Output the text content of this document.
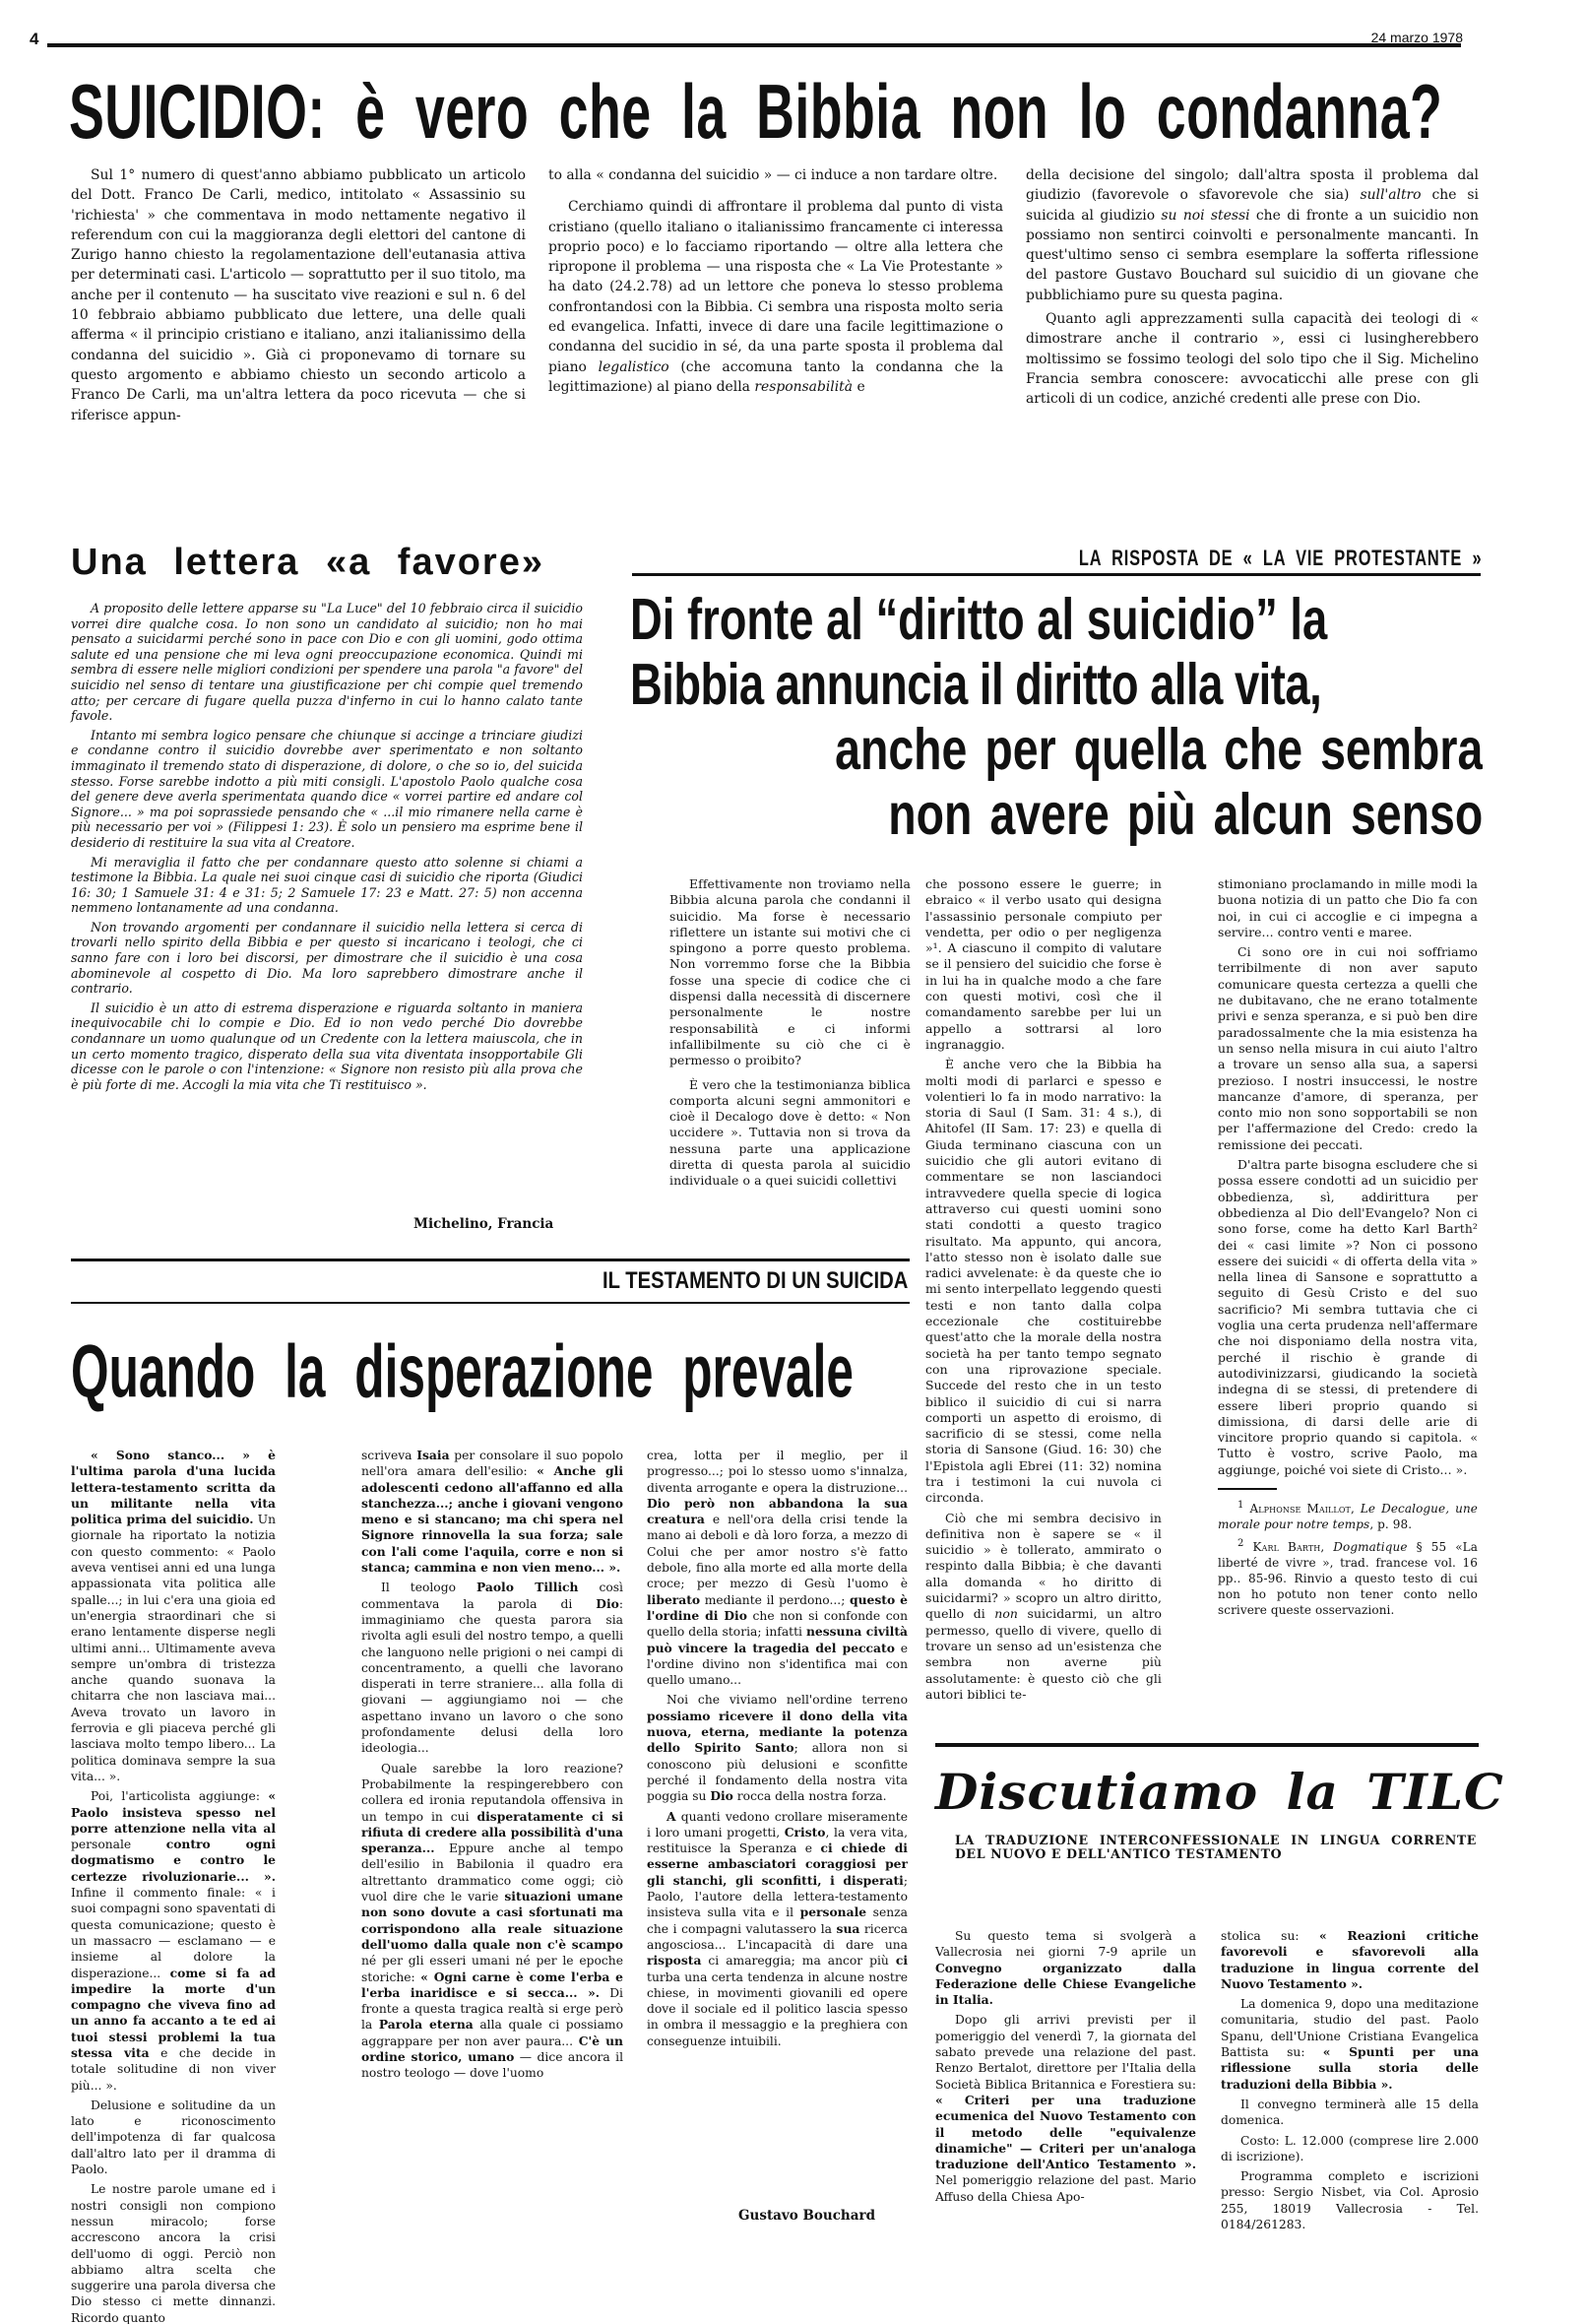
4	24 marzo 1978
SUICIDIO: è vero che la Bibbia non lo condanna?

Sul 1° numero di quest'anno abbiamo pubblicato un articolo del Dott. Franco De Carli, medico, intitolato « Assassinio su 'richiesta' » che commentava in modo nettamente negativo il referendum con cui la maggioranza degli elettori del cantone di Zurigo hanno chiesto la regolamentazione dell'eutanasia attiva per determinati casi. L'articolo — soprattutto per il suo titolo, ma anche per il contenuto — ha suscitato vive reazioni e sul n. 6 del 10 febbraio abbiamo pubblicato due lettere, una delle quali afferma « il principio cristiano e italiano, anzi italianissimo della condanna del suicidio ». Già ci proponevamo di tornare su questo argomento e abbiamo chiesto un secondo articolo a Franco De Carli, ma un'altra lettera da poco ricevuta — che si riferisce appun-

to alla « condanna del suicidio » — ci induce a non tardare oltre.

Cerchiamo quindi di affrontare il problema dal punto di vista cristiano (quello italiano o italianissimo francamente ci interessa proprio poco) e lo facciamo riportando — oltre alla lettera che ripropone il problema — una risposta che « La Vie Protestante » ha dato (24.2.78) ad un lettore che poneva lo stesso problema confrontandosi con la Bibbia. Ci sembra una risposta molto seria ed evangelica. Infatti, invece di dare una facile legittimazione o condanna del sucidio in sé, da una parte sposta il problema dal piano legalistico (che accomuna tanto la condanna che la legittimazione) al piano della responsabilità e

della decisione del singolo; dall'altra sposta il problema dal giudizio (favorevole o sfavorevole che sia) sull'altro che si suicida al giudizio su noi stessi che di fronte a un suicidio non possiamo non sentirci coinvolti e personalmente mancanti. In quest'ultimo senso ci sembra esemplare la sofferta riflessione del pastore Gustavo Bouchard sul suicidio di un giovane che pubblichiamo pure su questa pagina.

Quanto agli apprezzamenti sulla capacità dei teologi di « dimostrare anche il contrario », essi ci lusingherebbero moltissimo se fossimo teologi del solo tipo che il Sig. Michelino Francia sembra conoscere: avvocaticchi alle prese con gli articoli di un codice, anziché credenti alle prese con Dio.

Una lettera «a favore»

A proposito delle lettere apparse su "La Luce" del 10 febbraio circa il suicidio vorrei dire qualche cosa. Io non sono un candidato al suicidio; non ho mai pensato a suicidarmi perché sono in pace con Dio e con gli uomini, godo ottima salute ed una pensione che mi leva ogni preoccupazione economica. Quindi mi sembra di essere nelle migliori condizioni per spendere una parola "a favore" del suicidio nel senso di tentare una giustificazione per chi compie quel tremendo atto; per cercare di fugare quella puzza d'inferno in cui lo hanno calato tante favole.

Intanto mi sembra logico pensare che chiunque si accinge a trinciare giudizi e condanne contro il suicidio dovrebbe aver sperimentato e non soltanto immaginato il tremendo stato di disperazione, di dolore, o che so io, del suicida stesso. Forse sarebbe indotto a più miti consigli. L'apostolo Paolo qualche cosa del genere deve averla sperimentata quando dice « vorrei partire ed andare col Signore... » ma poi soprassiede pensando che « ...il mio rimanere nella carne è più necessario per voi » (Filippesi 1: 23). È solo un pensiero ma esprime bene il desiderio di restituire la sua vita al Creatore.

Mi meraviglia il fatto che per condannare questo atto solenne si chiami a testimone la Bibbia. La quale nei suoi cinque casi di suicidio che riporta (Giudici 16: 30; 1 Samuele 31: 4 e 31: 5; 2 Samuele 17: 23 e Matt. 27: 5) non accenna nemmeno lontanamente ad una condanna.

Non trovando argomenti per condannare il suicidio nella lettera si cerca di trovarli nello spirito della Bibbia e per questo si incaricano i teologi, che ci sanno fare con i loro bei discorsi, per dimostrare che il suicidio è una cosa abominevole al cospetto di Dio. Ma loro saprebbero dimostrare anche il contrario.

Il suicidio è un atto di estrema disperazione e riguarda soltanto in maniera inequivocabile chi lo compie e Dio. Ed io non vedo perché Dio dovrebbe condannare un uomo qualunque od un Credente con la lettera maiuscola, che in un certo momento tragico, disperato della sua vita diventata insopportabile Gli dicesse con le parole o con l'intenzione: « Signore non resisto più alla prova che è più forte di me. Accogli la mia vita che Ti restituisco ».

Michelino, Francia
LA RISPOSTA DE « LA VIE PROTESTANTE »
Di fronte al “diritto al suicidio” la
Bibbia annuncia il diritto alla vita,
anche per quella che sembra
non avere più alcun senso

Effettivamente non troviamo nella Bibbia alcuna parola che condanni il suicidio. Ma forse è necessario riflettere un istante sui motivi che ci spingono a porre questo problema. Non vorremmo forse che la Bibbia fosse una specie di codice che ci dispensi dalla necessità di discernere personalmente le nostre responsabilità e ci informi infallibilmente su ciò che ci è permesso o proibito?

È vero che la testimonianza biblica comporta alcuni segni ammonitori e cioè il Decalogo dove è detto: « Non uccidere ». Tuttavia non si trova da nessuna parte una applicazione diretta di questa parola al suicidio individuale o a quei suicidi collettivi

che possono essere le guerre; in ebraico « il verbo usato qui designa l'assassinio personale compiuto per vendetta, per odio o per negligenza »¹. A ciascuno il compito di valutare se il pensiero del suicidio che forse è in lui ha in qualche modo a che fare con questi motivi, così che il comandamento sarebbe per lui un appello a sottrarsi al loro ingranaggio.

È anche vero che la Bibbia ha molti modi di parlarci e spesso e volentieri lo fa in modo narrativo: la storia di Saul (I Sam. 31: 4 s.), di Ahitofel (II Sam. 17: 23) e quella di Giuda terminano ciascuna con un suicidio che gli autori evitano di commentare se non lasciandoci intravvedere quella specie di logica attraverso cui questi uomini sono stati condotti a questo tragico risultato. Ma appunto, qui ancora, l'atto stesso non è isolato dalle sue radici avvelenate: è da queste che io mi sento interpellato leggendo questi testi e non tanto dalla colpa eccezionale che costituirebbe quest'atto che la morale della nostra società ha per tanto tempo segnato con una riprovazione speciale. Succede del resto che in un testo biblico il suicidio di cui si narra comporti un aspetto di eroismo, di sacrificio di se stessi, come nella storia di Sansone (Giud. 16: 30) che l'Epistola agli Ebrei (11: 32) nomina tra i testimoni la cui nuvola ci circonda.

Ciò che mi sembra decisivo in definitiva non è sapere se « il suicidio » è tollerato, ammirato o respinto dalla Bibbia; è che davanti alla domanda « ho diritto di suicidarmi? » scopro un altro diritto, quello di non suicidarmi, un altro permesso, quello di vivere, quello di trovare un senso ad un'esistenza che sembra non averne più assolutamente: è questo ciò che gli autori biblici te-

stimoniano proclamando in mille modi la buona notizia di un patto che Dio fa con noi, in cui ci accoglie e ci impegna a servire... contro venti e maree.

Ci sono ore in cui noi soffriamo terribilmente di non aver saputo comunicare questa certezza a quelli che ne dubitavano, che ne erano totalmente privi e senza speranza, e si può ben dire paradossalmente che la mia esistenza ha un senso nella misura in cui aiuto l'altro a trovare un senso alla sua, a sapersi prezioso. I nostri insuccessi, le nostre mancanze d'amore, di speranza, per conto mio non sono sopportabili se non per l'affermazione del Credo: credo la remissione dei peccati.

D'altra parte bisogna escludere che si possa essere condotti ad un suicidio per obbedienza, sì, addirittura per obbedienza al Dio dell'Evangelo? Non ci sono forse, come ha detto Karl Barth² dei « casi limite »? Non ci possono essere dei suicidi « di offerta della vita » nella linea di Sansone e soprattutto a seguito di Gesù Cristo e del suo sacrificio? Mi sembra tuttavia che ci voglia una certa prudenza nell'affermare che noi disponiamo della nostra vita, perché il rischio è grande di autodivinizzarsi, giudicando la società indegna di se stessi, di pretendere di essere liberi proprio quando si dimissiona, di darsi delle arie di vincitore proprio quando si capitola. « Tutto è vostro, scrive Paolo, ma aggiunge, poiché voi siete di Cristo... ».

$^1$ Alphonse Maillot, Le Decalogue, une morale pour notre temps, p. 98.

$^2$ Karl Barth, Dogmatique § 55 «La liberté de vivre », trad. francese vol. 16 pp.. 85-96. Rinvio a questo testo di cui non ho potuto non tener conto nello scrivere queste osservazioni.

IL TESTAMENTO DI UN SUICIDA
Quando la disperazione prevale

« Sono stanco... » è l'ultima parola d'una lucida lettera-testamento scritta da un militante nella vita politica prima del suicidio. Un giornale ha riportato la notizia con questo commento: « Paolo aveva ventisei anni ed una lunga appassionata vita politica alle spalle...; in lui c'era una gioia ed un'energia straordinari che si erano lentamente disperse negli ultimi anni... Ultimamente aveva sempre un'ombra di tristezza anche quando suonava la chitarra che non lasciava mai... Aveva trovato un lavoro in ferrovia e gli piaceva perché gli lasciava molto tempo libero... La politica dominava sempre la sua vita... ».

Poi, l'articolista aggiunge: « Paolo insisteva spesso nel porre attenzione nella vita al personale contro ogni dogmatismo e contro le certezze rivoluzionarie... ». Infine il commento finale: « i suoi compagni sono spaventati di questa comunicazione; questo è un massacro — esclamano — e insieme al dolore la disperazione... come si fa ad impedire la morte d'un compagno che viveva fino ad un anno fa accanto a te ed ai tuoi stessi problemi la tua stessa vita e che decide in totale solitudine di non viver più... ».

Delusione e solitudine da un lato e riconoscimento dell'impotenza di far qualcosa dall'altro lato per il dramma di Paolo.

Le nostre parole umane ed i nostri consigli non compiono nessun miracolo; forse accrescono ancora la crisi dell'uomo di oggi. Perciò non abbiamo altra scelta che suggerire una parola diversa che Dio stesso ci mette dinnanzi. Ricordo quanto

scriveva Isaia per consolare il suo popolo nell'ora amara dell'esilio: « Anche gli adolescenti cedono all'affanno ed alla stanchezza...; anche i giovani vengono meno e si stancano; ma chi spera nel Signore rinnovella la sua forza; sale con l'ali come l'aquila, corre e non si stanca; cammina e non vien meno... ».

Il teologo Paolo Tillich così commentava la parola di Dio: immaginiamo che questa parora sia rivolta agli esuli del nostro tempo, a quelli che languono nelle prigioni o nei campi di concentramento, a quelli che lavorano disperati in terre straniere... alla folla di giovani — aggiungiamo noi — che aspettano invano un lavoro o che sono profondamente delusi della loro ideologia...

Quale sarebbe la loro reazione? Probabilmente la respingerebbero con collera ed ironia reputandola offensiva in un tempo in cui disperatamente ci si rifiuta di credere alla possibilità d'una speranza... Eppure anche al tempo dell'esilio in Babilonia il quadro era altrettanto drammatico come oggi; ciò vuol dire che le varie situazioni umane non sono dovute a casi sfortunati ma corrispondono alla reale situazione dell'uomo dalla quale non c'è scampo né per gli esseri umani né per le epoche storiche: « Ogni carne è come l'erba e l'erba inaridisce e si secca... ». Di fronte a questa tragica realtà si erge però la Parola eterna alla quale ci possiamo aggrappare per non aver paura... C'è un ordine storico, umano — dice ancora il nostro teologo — dove l'uomo

crea, lotta per il meglio, per il progresso...; poi lo stesso uomo s'innalza, diventa arrogante e opera la distruzione... Dio però non abbandona la sua creatura e nell'ora della crisi tende la mano ai deboli e dà loro forza, a mezzo di Colui che per amor nostro s'è fatto debole, fino alla morte ed alla morte della croce; per mezzo di Gesù l'uomo è liberato mediante il perdono...; questo è l'ordine di Dio che non si confonde con quello della storia; infatti nessuna civiltà può vincere la tragedia del peccato e l'ordine divino non s'identifica mai con quello umano...

Noi che viviamo nell'ordine terreno possiamo ricevere il dono della vita nuova, eterna, mediante la potenza dello Spirito Santo; allora non si conoscono più delusioni e sconfitte perché il fondamento della nostra vita poggia su Dio rocca della nostra forza.

A quanti vedono crollare miseramente i loro umani progetti, Cristo, la vera vita, restituisce la Speranza e ci chiede di esserne ambasciatori coraggiosi per gli stanchi, gli sconfitti, i disperati; Paolo, l'autore della lettera-testamento insisteva sulla vita e il personale senza che i compagni valutassero la sua ricerca angosciosa... L'incapacità di dare una risposta ci amareggia; ma ancor più ci turba una certa tendenza in alcune nostre chiese, in movimenti giovanili ed opere dove il sociale ed il politico lascia spesso in ombra il messaggio e la preghiera con conseguenze intuibili.

Gustavo Bouchard
Discutiamo la TILC
LA TRADUZIONE INTERCONFESSIONALE IN LINGUA CORRENTE DEL NUOVO E DELL'ANTICO TESTAMENTO

Su questo tema si svolgerà a Vallecrosia nei giorni 7-9 aprile un Convegno organizzato dalla Federazione delle Chiese Evangeliche in Italia.

Dopo gli arrivi previsti per il pomeriggio del venerdì 7, la giornata del sabato prevede una relazione del past. Renzo Bertalot, direttore per l'Italia della Società Biblica Britannica e Forestiera su: « Criteri per una traduzione ecumenica del Nuovo Testamento con il metodo delle "equivalenze dinamiche" — Criteri per un'analoga traduzione dell'Antico Testamento ». Nel pomeriggio relazione del past. Mario Affuso della Chiesa Apo-

stolica su: « Reazioni critiche favorevoli e sfavorevoli alla traduzione in lingua corrente del Nuovo Testamento ».

La domenica 9, dopo una meditazione comunitaria, studio del past. Paolo Spanu, dell'Unione Cristiana Evangelica Battista su: « Spunti per una riflessione sulla storia delle traduzioni della Bibbia ».

Il convegno terminerà alle 15 della domenica.

Costo: L. 12.000 (comprese lire 2.000 di iscrizione).

Programma completo e iscrizioni presso: Sergio Nisbet, via Col. Aprosio 255, 18019 Vallecrosia - Tel. 0184/261283.
